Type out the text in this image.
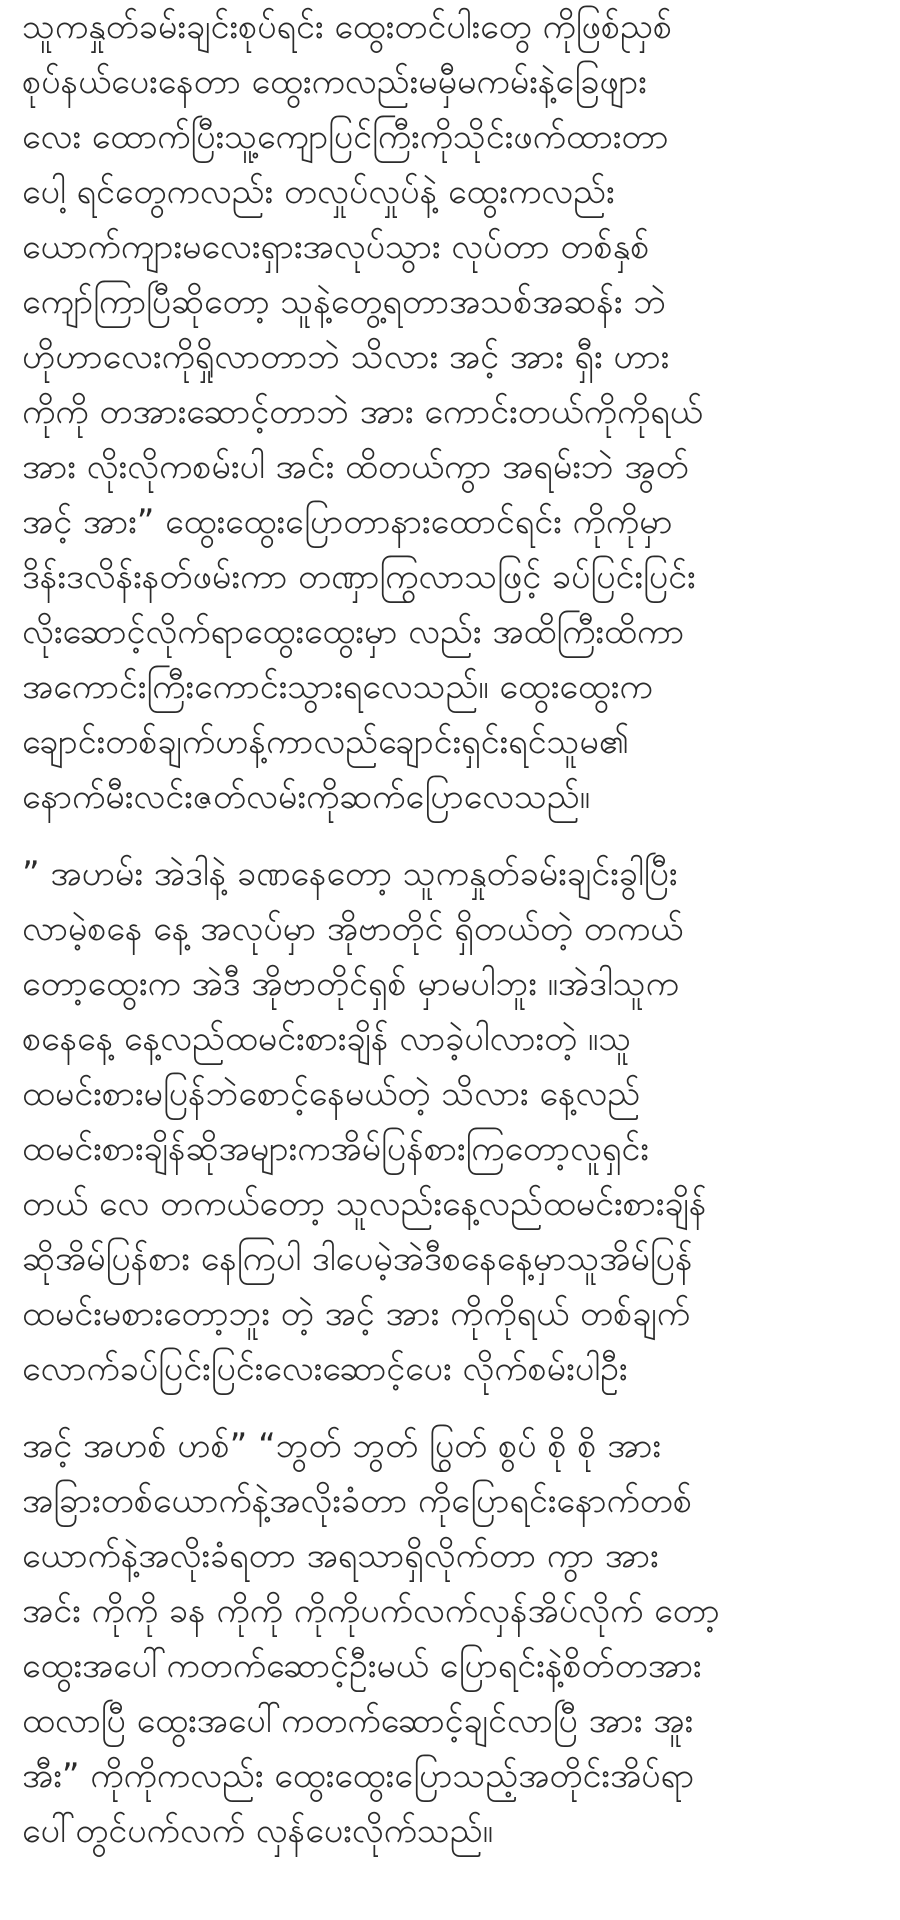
သူကနှုတ်ခမ်းချင်းစုပ်ရင်း ထွေးတင်ပါးတွေ ကိုဖြစ်ညှစ်
စုပ်နယ်ပေးနေတာ ထွေးကလည်းမမှီမကမ်းနဲ့ခြေဖျား
လေး ထောက်ပြီးသူ့ကျောပြင်ကြီးကိုသိုင်းဖက်ထားတာ
ပေါ့ ရင်တွေကလည်း တလှုပ်လှုပ်နဲ့ ထွေးကလည်း
ယောက်ကျားမလေးရှားအလုပ်သွား လုပ်တာ တစ်နှစ်
ကျော်ကြာပြီဆိုတော့ သူနဲ့တွေ့ရတာအသစ်အဆန်း ဘဲ
ဟိုဟာလေးကိုရှိုလာတာဘဲ သိလား အင့် အား ရှီး ဟား
ကိုကို တအားဆောင့်တာဘဲ အား ကောင်းတယ်ကိုကိုရယ်
အား လိုးလိုကစမ်းပါ အင်း ထိတယ်ကွာ အရမ်းဘဲ အွတ်
အင့် အား” ထွေးထွေးပြောတာနားထောင်ရင်း ကိုကိုမှာ
ဒိန်းဒလိန်းနတ်ဖမ်းကာ တဏှာကြွလာသဖြင့် ခပ်ပြင်းပြင်း
လိုးဆောင့်လိုက်ရာထွေးထွေးမှာ လည်း အထိကြီးထိကာ
အကောင်းကြီးကောင်းသွားရလေသည်။ ထွေးထွေးက
ချောင်းတစ်ချက်ဟန့်ကာလည်ချောင်းရှင်းရင်သူမ၏
နောက်မီးလင်းဇတ်လမ်းကိုဆက်ပြောလေသည်။
” အဟမ်း အဲဒါနဲ့ ခဏနေတော့ သူကနှုတ်ခမ်းချင်းခွါပြီး
လာမဲ့စနေ နေ့ အလုပ်မှာ အိုဗာတိုင် ရှိတယ်တဲ့ တကယ်
တော့ထွေးက အဲဒီ အိုဗာတိုင်ရှစ် မှာမပါဘူး ။အဲဒါသူက
စနေနေ့ နေ့လည်ထမင်းစားချိန် လာခဲ့ပါလားတဲ့ ။သူ
ထမင်းစားမပြန်ဘဲစောင့်နေမယ်တဲ့ သိလား နေ့လည်
ထမင်းစားချိန်ဆိုအများကအိမ်ပြန်စားကြတော့လူရှင်း
တယ် လေ တကယ်တော့ သူလည်းနေ့လည်ထမင်းစားချိန်
ဆိုအိမ်ပြန်စား နေကြပါ ဒါပေမဲ့အဲဒီစနေနေ့မှာသူအိမ်ပြန်
ထမင်းမစားတော့ဘူး တဲ့ အင့် အား ကိုကိုရယ် တစ်ချက်
လောက်ခပ်ပြင်းပြင်းလေးဆောင့်ပေး လိုက်စမ်းပါဦး
အင့် အဟစ် ဟစ်” “ဘွတ် ဘွတ် ပြွတ် စွပ် စို စို အား
အခြားတစ်ယောက်နဲ့အလိုးခံတာ ကိုပြောရင်းနောက်တစ်
ယောက်နဲ့အလိုးခံရတာ အရသာရှိလိုက်တာ ကွာ အား
အင်း ကိုကို ခန ကိုကို ကိုကိုပက်လက်လှန်အိပ်လိုက် တော့
ထွေးအပေါ်ကတက်ဆောင့်ဦးမယ် ပြောရင်းနဲ့စိတ်တအား
ထလာပြီ ထွေးအပေါ်ကတက်ဆောင့်ချင်လာပြီ အား အူး
အီး” ကိုကိုကလည်း ထွေးထွေးပြောသည့်အတိုင်းအိပ်ရာ
ပေါ်တွင်ပက်လက် လှန်ပေးလိုက်သည်။
